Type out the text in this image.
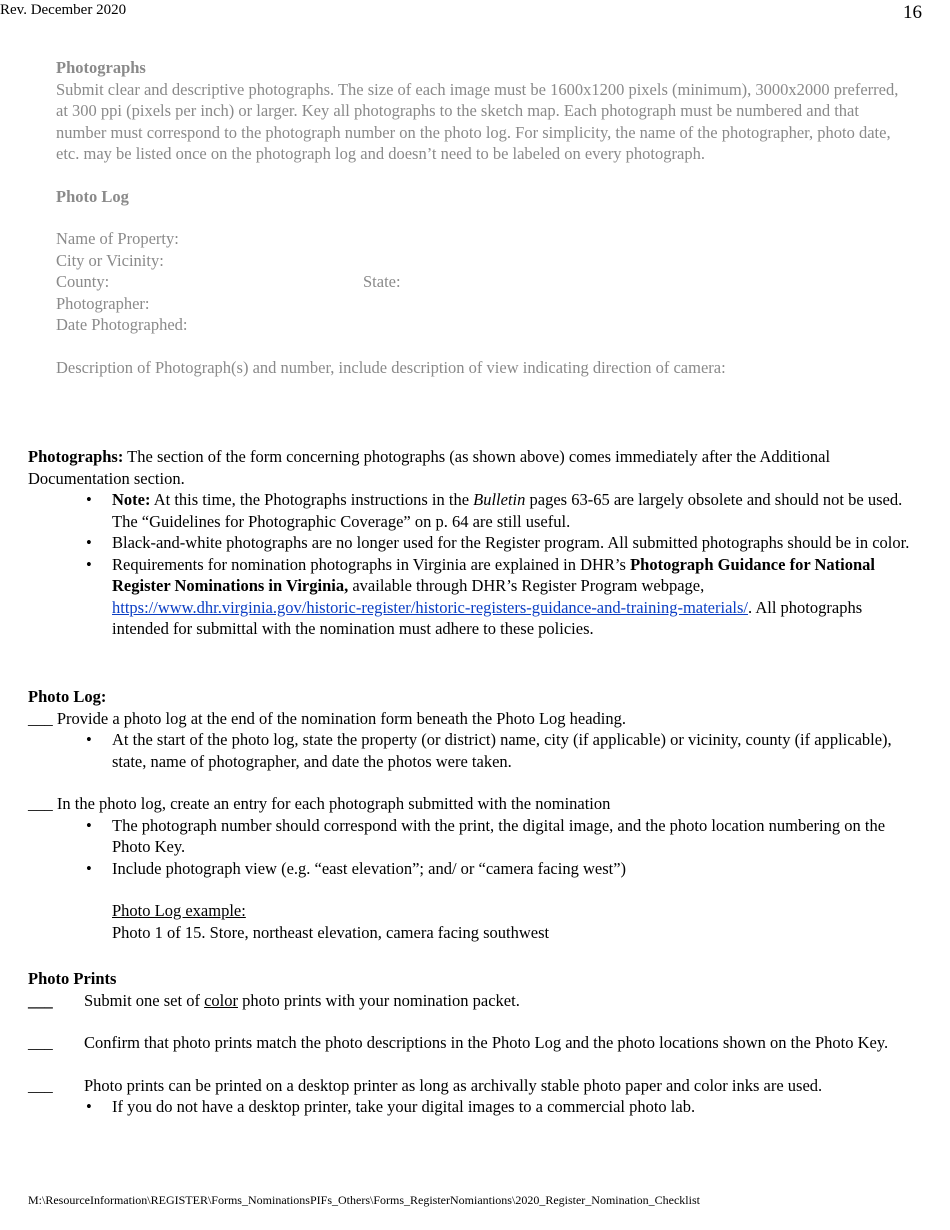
Rev. December 2020	16
Photographs
Submit clear and descriptive photographs. The size of each image must be 1600x1200 pixels (minimum), 3000x2000 preferred, at 300 ppi (pixels per inch) or larger. Key all photographs to the sketch map. Each photograph must be numbered and that number must correspond to the photograph number on the photo log. For simplicity, the name of the photographer, photo date, etc. may be listed once on the photograph log and doesn’t need to be labeled on every photograph.
Photo Log
Name of Property:
City or Vicinity:
County:	State:
Photographer:
Date Photographed:
Description of Photograph(s) and number, include description of view indicating direction of camera:
Photographs: The section of the form concerning photographs (as shown above) comes immediately after the Additional Documentation section.
• Note: At this time, the Photographs instructions in the Bulletin pages 63-65 are largely obsolete and should not be used. The “Guidelines for Photographic Coverage” on p. 64 are still useful.
• Black-and-white photographs are no longer used for the Register program. All submitted photographs should be in color.
• Requirements for nomination photographs in Virginia are explained in DHR’s Photograph Guidance for National Register Nominations in Virginia, available through DHR’s Register Program webpage, https://www.dhr.virginia.gov/historic-register/historic-registers-guidance-and-training-materials/. All photographs intended for submittal with the nomination must adhere to these policies.
Photo Log:
___ Provide a photo log at the end of the nomination form beneath the Photo Log heading.
• At the start of the photo log, state the property (or district) name, city (if applicable) or vicinity, county (if applicable), state, name of photographer, and date the photos were taken.
___ In the photo log, create an entry for each photograph submitted with the nomination
• The photograph number should correspond with the print, the digital image, and the photo location numbering on the Photo Key.
• Include photograph view (e.g. “east elevation”; and/ or “camera facing west”)
Photo Log example:
Photo 1 of 15. Store, northeast elevation, camera facing southwest
Photo Prints
___ Submit one set of color photo prints with your nomination packet.
___ Confirm that photo prints match the photo descriptions in the Photo Log and the photo locations shown on the Photo Key.
___ Photo prints can be printed on a desktop printer as long as archivally stable photo paper and color inks are used.
• If you do not have a desktop printer, take your digital images to a commercial photo lab.
M:\ResourceInformation\REGISTER\Forms_NominationsPIFs_Others\Forms_RegisterNomiantions\2020_Register_Nomination_Checklist
